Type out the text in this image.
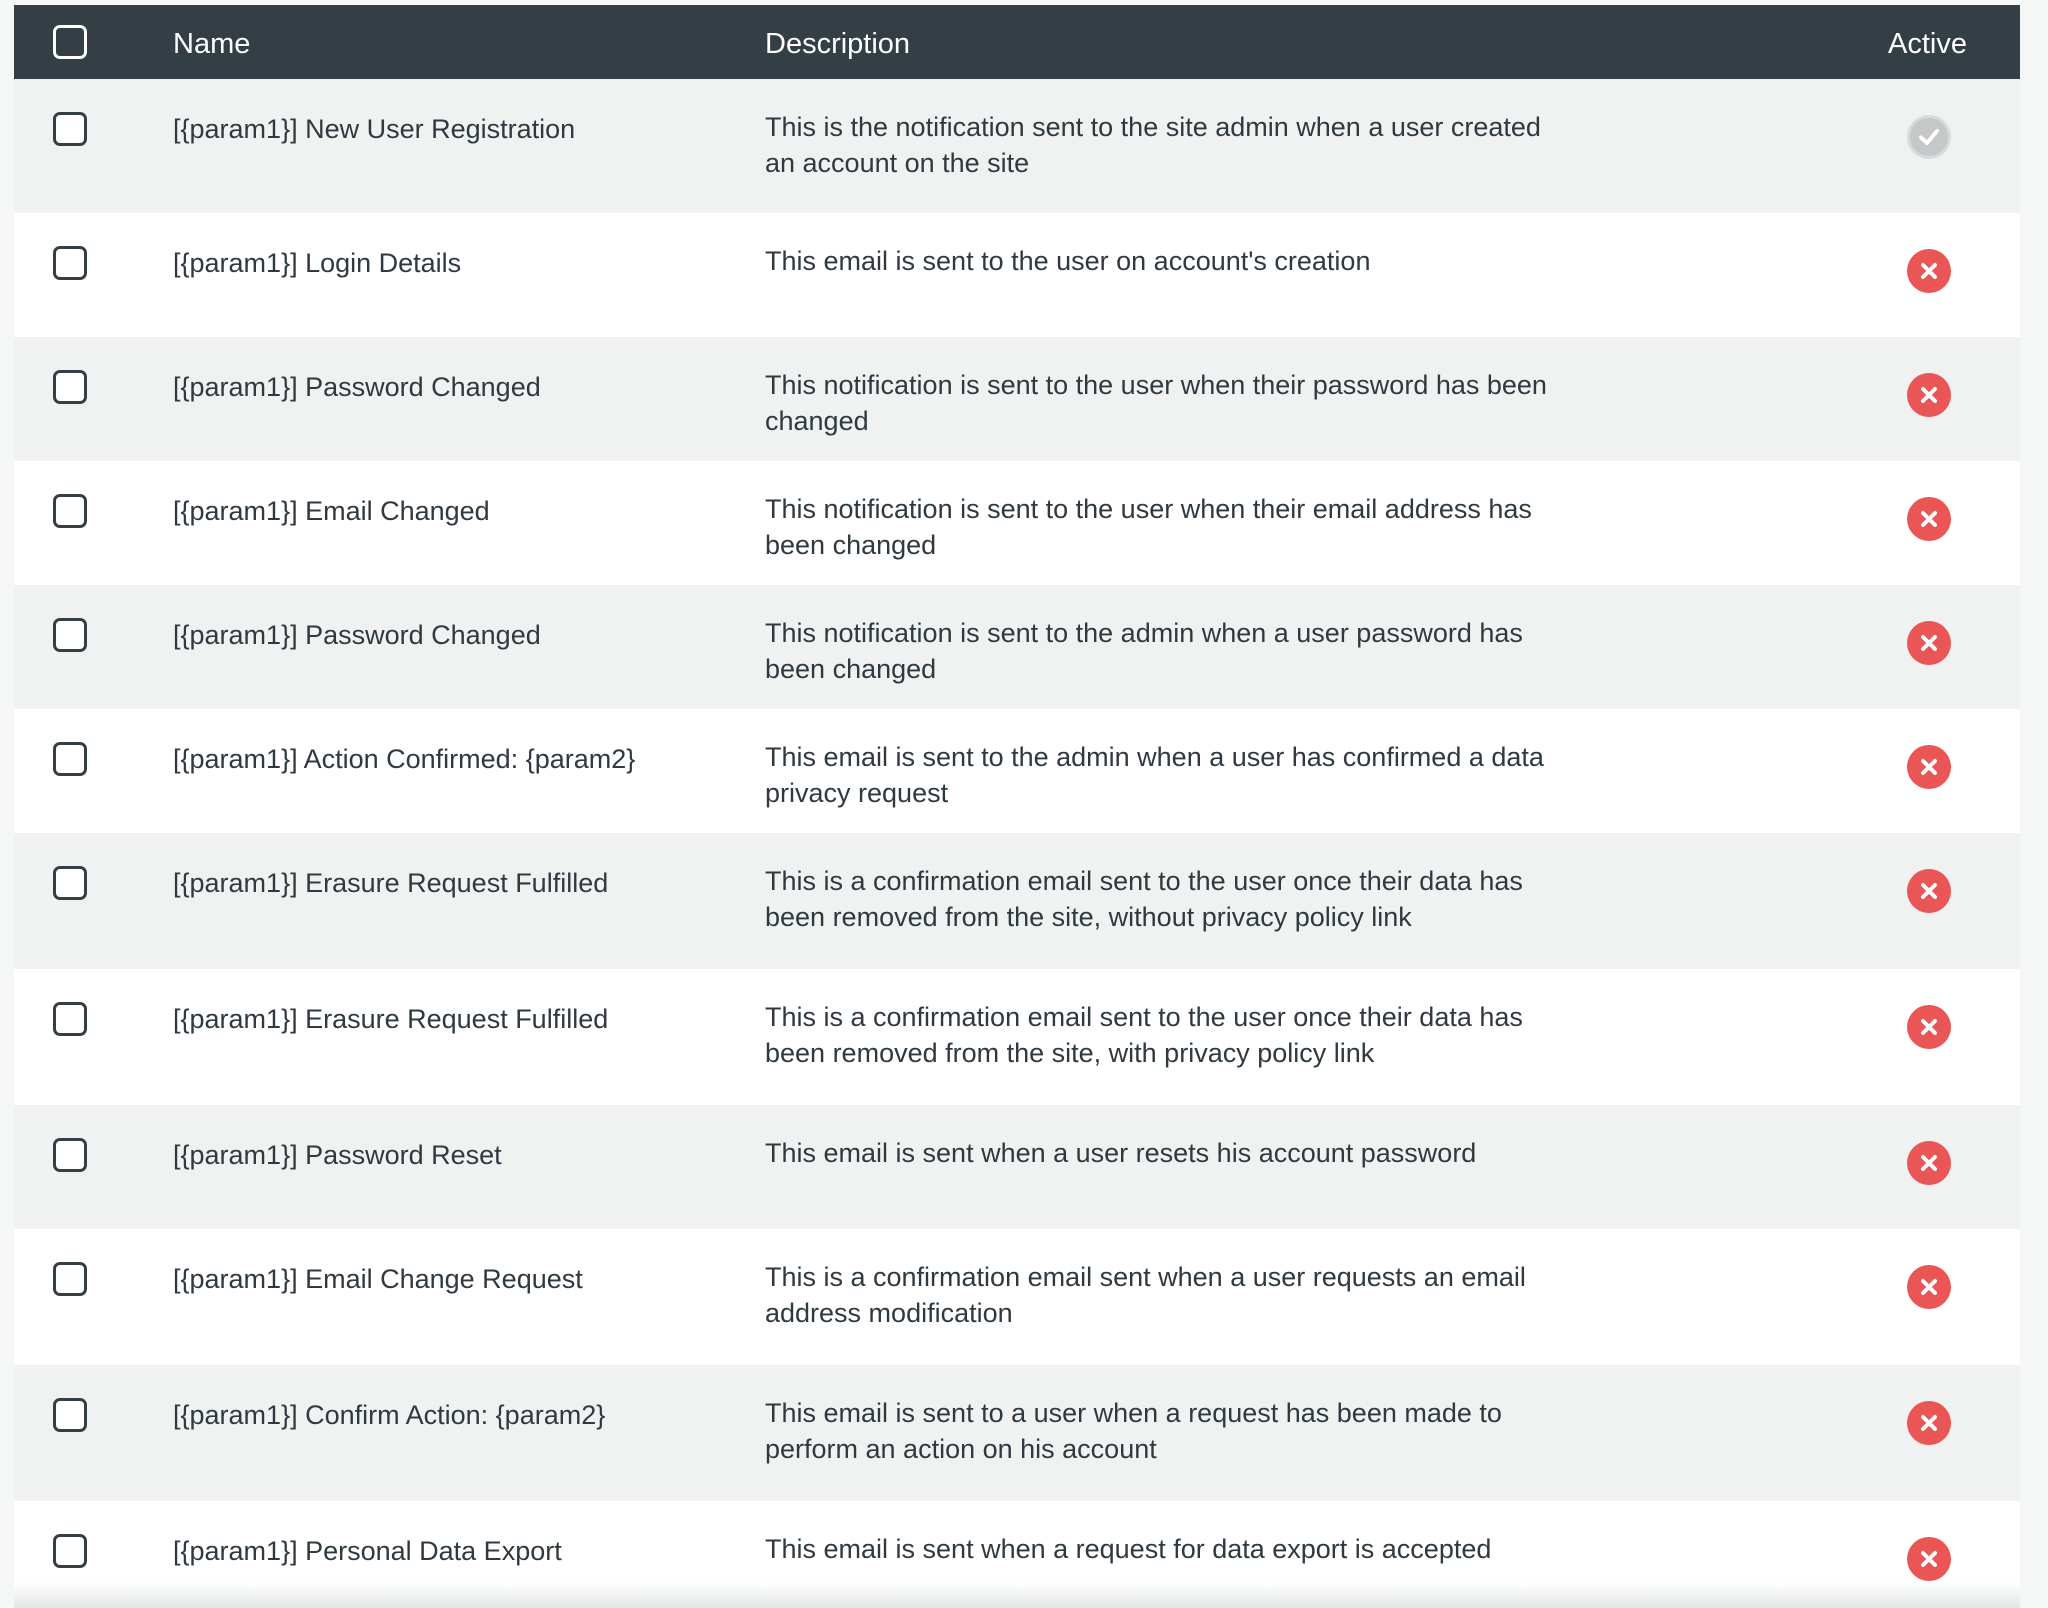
Name	Description	Active
[{param1}] New User Registration	This is the notification sent to the site admin when a user created an account on the site
[{param1}] Login Details	This email is sent to the user on account's creation
[{param1}] Password Changed	This notification is sent to the user when their password has been changed
[{param1}] Email Changed	This notification is sent to the user when their email address has been changed
[{param1}] Password Changed	This notification is sent to the admin when a user password has been changed
[{param1}] Action Confirmed: {param2}	This email is sent to the admin when a user has confirmed a data privacy request
[{param1}] Erasure Request Fulfilled	This is a confirmation email sent to the user once their data has been removed from the site, without privacy policy link
[{param1}] Erasure Request Fulfilled	This is a confirmation email sent to the user once their data has been removed from the site, with privacy policy link
[{param1}] Password Reset	This email is sent when a user resets his account password
[{param1}] Email Change Request	This is a confirmation email sent when a user requests an email address modification
[{param1}] Confirm Action: {param2}	This email is sent to a user when a request has been made to perform an action on his account
[{param1}] Personal Data Export	This email is sent when a request for data export is accepted
